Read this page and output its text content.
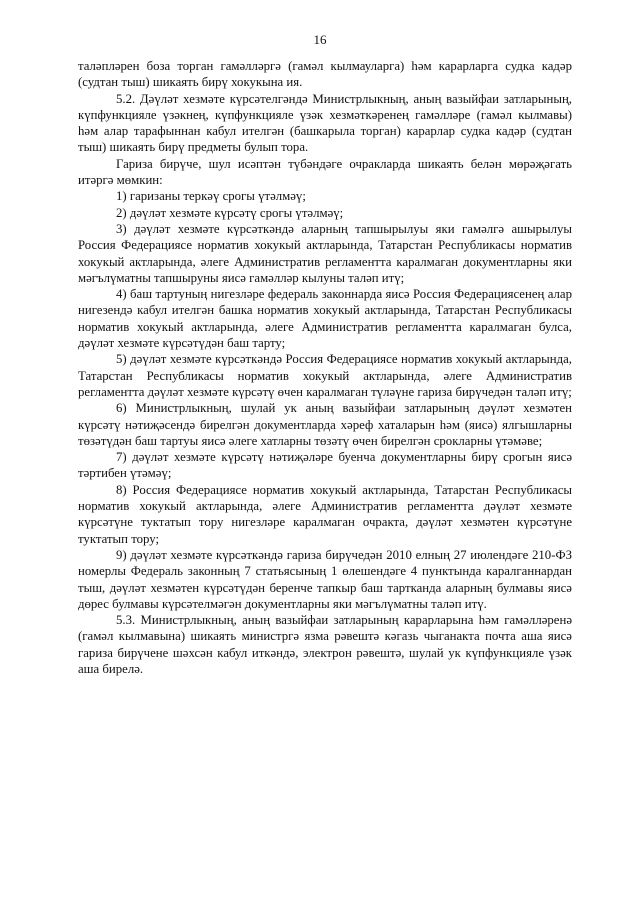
16

таләпләрен боза торган гамәлләргә (гамәл кылмауларга) һәм карарларга судка кадәр (судтан тыш) шикаять бирү хокукына ия.

5.2. Дәүләт хезмәте күрсәтелгәндә Министрлыкның, аның вазыйфаи затларының, күпфункцияле үзәкнең, күпфункцияле үзәк хезмәткәренең гамәлләре (гамәл кылмавы) һәм алар тарафыннан кабул ителгән (башкарыла торган) карарлар судка кадәр (судтан тыш) шикаять бирү предметы булып тора.

Гариза бирүче, шул исәптән түбәндәге очракларда шикаять белән мөрәҗәгать итәргә мөмкин:

1) гаризаны теркәү срогы үтәлмәү;

2) дәүләт хезмәте күрсәтү срогы үтәлмәү;

3) дәүләт хезмәте күрсәткәндә аларның тапшырылуы яки гамәлгә ашырылуы Россия Федерациясе норматив хокукый актларында, Татарстан Республикасы норматив хокукый актларында, әлеге Административ регламентта каралмаган документларны яки мәгълүматны тапшыруны яисә гамәлләр кылуны таләп итү;

4) баш тартуның нигезләре федераль законнарда яисә Россия Федерациясенең алар нигезендә кабул ителгән башка норматив хокукый актларында, Татарстан Республикасы норматив хокукый актларында, әлеге Административ регламентта каралмаган булса, дәүләт хезмәте күрсәтүдән баш тарту;

5) дәүләт хезмәте күрсәткәндә Россия Федерациясе норматив хокукый актларында, Татарстан Республикасы норматив хокукый актларында, әлеге Административ регламентта дәүләт хезмәте күрсәтү өчен каралмаган түләүне гариза бирүчедән таләп итү;

6) Министрлыкның, шулай ук аның вазыйфаи затларының дәүләт хезмәтен күрсәтү нәтиҗәсендә бирелгән документларда хәреф хаталарын һәм (яисә) ялгышларны төзәтүдән баш тартуы яисә әлеге хатларны төзәтү өчен бирелгән срокларны үтәмәве;

7) дәүләт хезмәте күрсәтү нәтиҗәләре буенча документларны бирү срогын яисә тәртибен үтәмәү;

8) Россия Федерациясе норматив хокукый актларында, Татарстан Республикасы норматив хокукый актларында, әлеге Административ регламентта дәүләт хезмәте күрсәтүне туктатып тору нигезләре каралмаган очракта, дәүләт хезмәтен күрсәтүне туктатып тору;

9) дәүләт хезмәте күрсәткәндә гариза бирүчедән 2010 елның 27 июлендәге 210-ФЗ номерлы Федераль законның 7 статьясының 1 өлешендәге 4 пунктында каралганнардан тыш, дәүләт хезмәтен күрсәтүдән беренче тапкыр баш тартканда аларның булмавы яисә дөрес булмавы күрсәтелмәгән документларны яки мәгълүматны таләп итү.

5.3. Министрлыкның, аның вазыйфаи затларының карарларына һәм гамәлләренә (гамәл кылмавына) шикаять министргә язма рәвештә кәгазь чыганакта почта аша яисә гариза бирүчене шәхсән кабул иткәндә, электрон рәвештә, шулай ук күпфункцияле үзәк аша бирелә.
